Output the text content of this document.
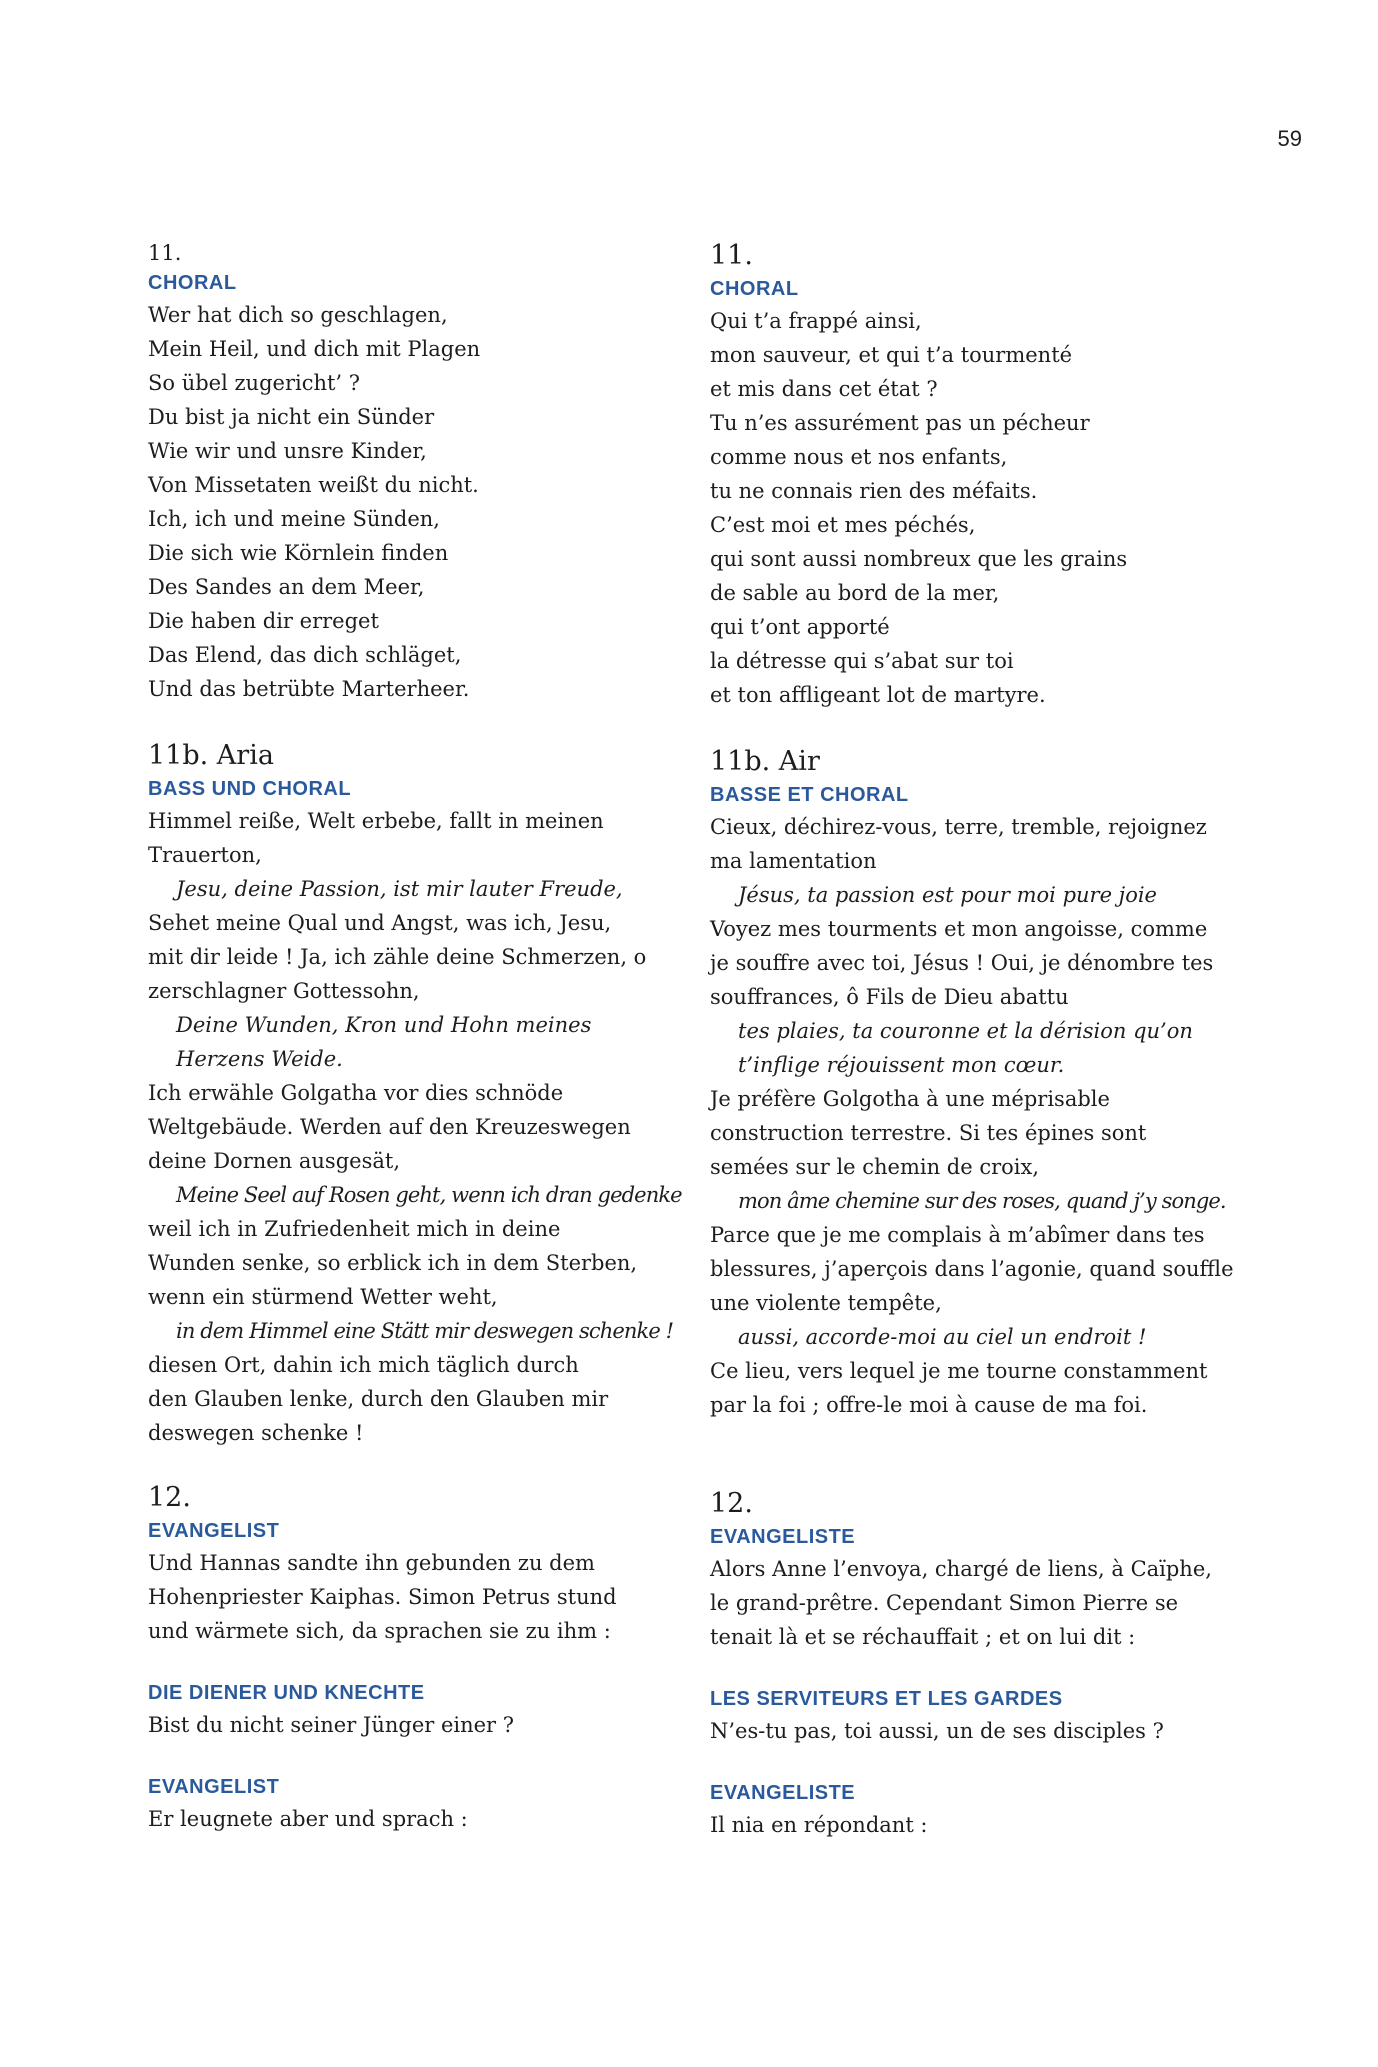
59
11.
CHORAL
Wer hat dich so geschlagen,
Mein Heil, und dich mit Plagen
So übel zugericht’ ?
Du bist ja nicht ein Sünder
Wie wir und unsre Kinder,
Von Missetaten weißt du nicht.
Ich, ich und meine Sünden,
Die sich wie Körnlein finden
Des Sandes an dem Meer,
Die haben dir erreget
Das Elend, das dich schläget,
Und das betrübte Marterheer.
11b. Aria
BASS UND CHORAL
Himmel reiße, Welt erbebe, fallt in meinen
Trauerton,
Jesu, deine Passion, ist mir lauter Freude,
Sehet meine Qual und Angst, was ich, Jesu,
mit dir leide ! Ja, ich zähle deine Schmerzen, o
zerschlagner Gottessohn,
Deine Wunden, Kron und Hohn meines
Herzens Weide.
Ich erwähle Golgatha vor dies schnöde
Weltgebäude. Werden auf den Kreuzeswegen
deine Dornen ausgesät,
Meine Seel auf Rosen geht, wenn ich dran gedenke
weil ich in Zufriedenheit mich in deine
Wunden senke, so erblick ich in dem Sterben,
wenn ein stürmend Wetter weht,
in dem Himmel eine Stätt mir deswegen schenke !
diesen Ort, dahin ich mich täglich durch
den Glauben lenke, durch den Glauben mir
deswegen schenke !
12.
EVANGELIST
Und Hannas sandte ihn gebunden zu dem
Hohenpriester Kaiphas. Simon Petrus stund
und wärmete sich, da sprachen sie zu ihm :
DIE DIENER UND KNECHTE
Bist du nicht seiner Jünger einer ?
EVANGELIST
Er leugnete aber und sprach :
11.
CHORAL
Qui t’a frappé ainsi,
mon sauveur, et qui t’a tourmenté
et mis dans cet état ?
Tu n’es assurément pas un pécheur
comme nous et nos enfants,
tu ne connais rien des méfaits.
C’est moi et mes péchés,
qui sont aussi nombreux que les grains
de sable au bord de la mer,
qui t’ont apporté
la détresse qui s’abat sur toi
et ton affligeant lot de martyre.
11b. Air
BASSE ET CHORAL
Cieux, déchirez-vous, terre, tremble, rejoignez
ma lamentation
Jésus, ta passion est pour moi pure joie
Voyez mes tourments et mon angoisse, comme
je souffre avec toi, Jésus ! Oui, je dénombre tes
souffrances, ô Fils de Dieu abattu
tes plaies, ta couronne et la dérision qu’on
t’inflige réjouissent mon cœur.
Je préfère Golgotha à une méprisable
construction terrestre. Si tes épines sont
semées sur le chemin de croix,
mon âme chemine sur des roses, quand j’y songe.
Parce que je me complais à m’abîmer dans tes
blessures, j’aperçois dans l’agonie, quand souffle
une violente tempête,
aussi, accorde-moi au ciel un endroit !
Ce lieu, vers lequel je me tourne constamment
par la foi ; offre-le moi à cause de ma foi.
12.
EVANGELISTE
Alors Anne l’envoya, chargé de liens, à Caïphe,
le grand-prêtre. Cependant Simon Pierre se
tenait là et se réchauffait ; et on lui dit :
LES SERVITEURS ET LES GARDES
N’es-tu pas, toi aussi, un de ses disciples ?
EVANGELISTE
Il nia en répondant :
